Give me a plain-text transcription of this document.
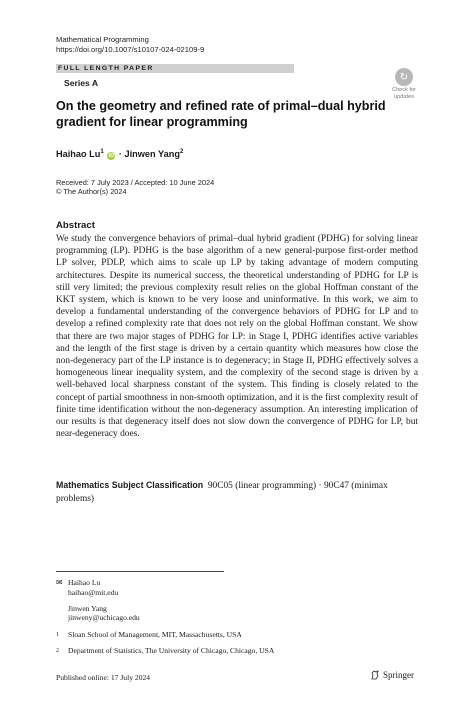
Mathematical Programming
https://doi.org/10.1007/s10107-024-02109-9
FULL LENGTH PAPER
Series A
↻
Check for updates
On the geometry and refined rate of primal–dual hybrid gradient for linear programming
Haihao Lu$^1$ iD · Jinwen Yang$^2$
Received: 7 July 2023 / Accepted: 10 June 2024
© The Author(s) 2024
Abstract
We study the convergence behaviors of primal–dual hybrid gradient (PDHG) for solving linear programming (LP). PDHG is the base algorithm of a new general-purpose first-order method LP solver, PDLP, which aims to scale up LP by taking advantage of modern computing architectures. Despite its numerical success, the theoretical understanding of PDHG for LP is still very limited; the previous complexity result relies on the global Hoffman constant of the KKT system, which is known to be very loose and uninformative. In this work, we aim to develop a fundamental understanding of the convergence behaviors of PDHG for LP and to develop a refined complexity rate that does not rely on the global Hoffman constant. We show that there are two major stages of PDHG for LP: in Stage I, PDHG identifies active variables and the length of the first stage is driven by a certain quantity which measures how close the non-degeneracy part of the LP instance is to degeneracy; in Stage II, PDHG effectively solves a homogeneous linear inequality system, and the complexity of the second stage is driven by a well-behaved local sharpness constant of the system. This finding is closely related to the concept of partial smoothness in non-smooth optimization, and it is the first complexity result of finite time identification without the non-degeneracy assumption. An interesting implication of our results is that degeneracy itself does not slow down the convergence of PDHG for LP, but near-degeneracy does.
Mathematics Subject Classification 90C05 (linear programming) · 90C47 (minimax problems)
✉ Haihao Lu
haihao@mit.edu
Jinwen Yang
jinweny@uchicago.edu
$^1$ Sloan School of Management, MIT, Massachusetts, USA
$^2$ Department of Statistics, The University of Chicago, Chicago, USA
Published online: 17 July 2024	Springer
